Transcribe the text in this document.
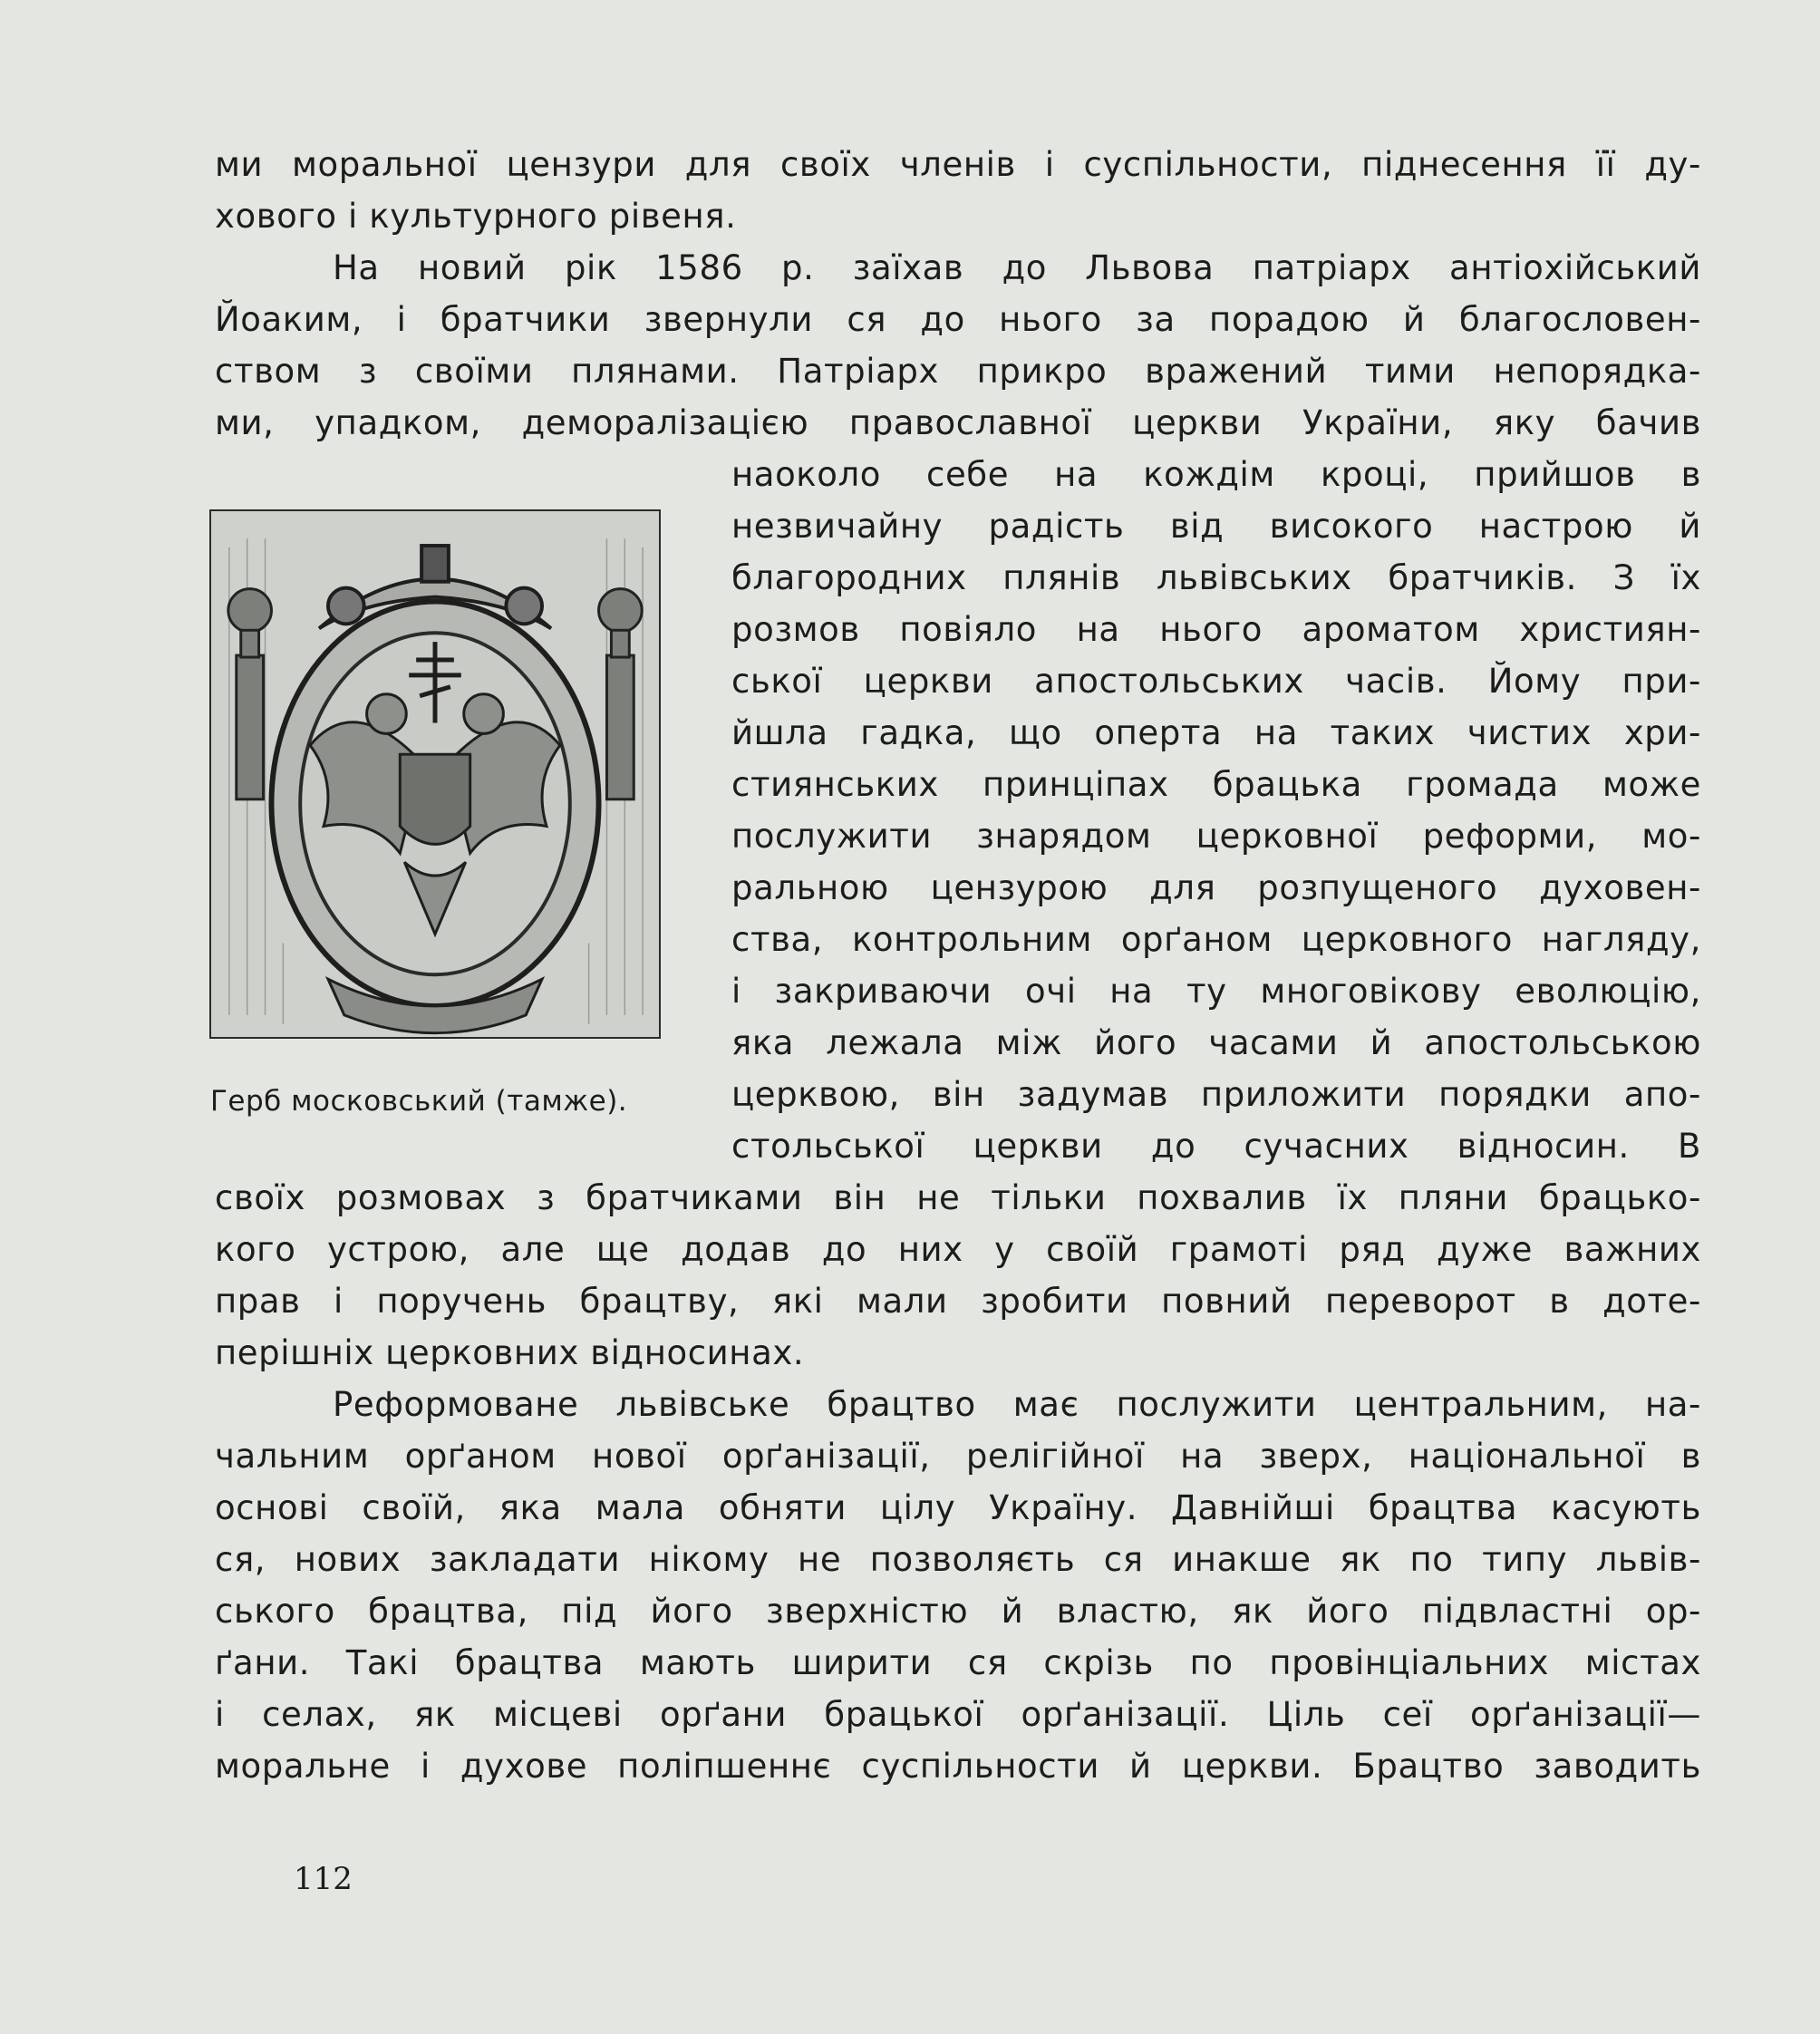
ми моральної цензури для своїх членів і суспільности, піднесення її ду-
хового і культурного рівеня.
На новий рік 1586 р. заїхав до Львова патріарх антіохійський
Йоаким, і братчики звернули ся до нього за порадою й благословен-
ством з своїми плянами. Патріарх прикро вражений тими непорядка-
ми, упадком, деморалізацією православної церкви України, яку бачив
наоколо себе на кождім кроці, прийшов в
незвичайну радість від високого настрою й
благородних плянів львівських братчиків. З їх
розмов повіяло на нього ароматом християн-
ської церкви апостольських часів. Йому при-
йшла гадка, що оперта на таких чистих хри-
стиянських принціпах брацька громада може
послужити знарядом церковної реформи, мо-
ральною цензурою для розпущеного духовен-
ства, контрольним орґаном церковного нагляду,
і закриваючи очі на ту многовікову еволюцію,
яка лежала між його часами й апостольською
церквою, він задумав приложити порядки апо-
стольської церкви до сучасних відносин. В
своїх розмовах з братчиками він не тільки похвалив їх пляни брацько-
кого устрою, але ще додав до них у своїй грамоті ряд дуже важних
прав і поручень брацтву, які мали зробити повний переворот в доте-
перішніх церковних відносинах.
Реформоване львівське брацтво має послужити центральним, на-
чальним орґаном нової орґанізації, релігійної на зверх, національної в
основі своїй, яка мала обняти цілу Україну. Давнійші брацтва касують
ся, нових закладати нікому не позволяєть ся инакше як по типу львів-
ського брацтва, під його зверхністю й властю, як його підвластні ор-
ґани. Такі брацтва мають ширити ся скрізь по провінціальних містах
і селах, як місцеві орґани брацької орґанізації. Ціль сеї орґанізації—
моральне і духове поліпшеннє суспільности й церкви. Брацтво заводить
Герб московський (тамже).
112
